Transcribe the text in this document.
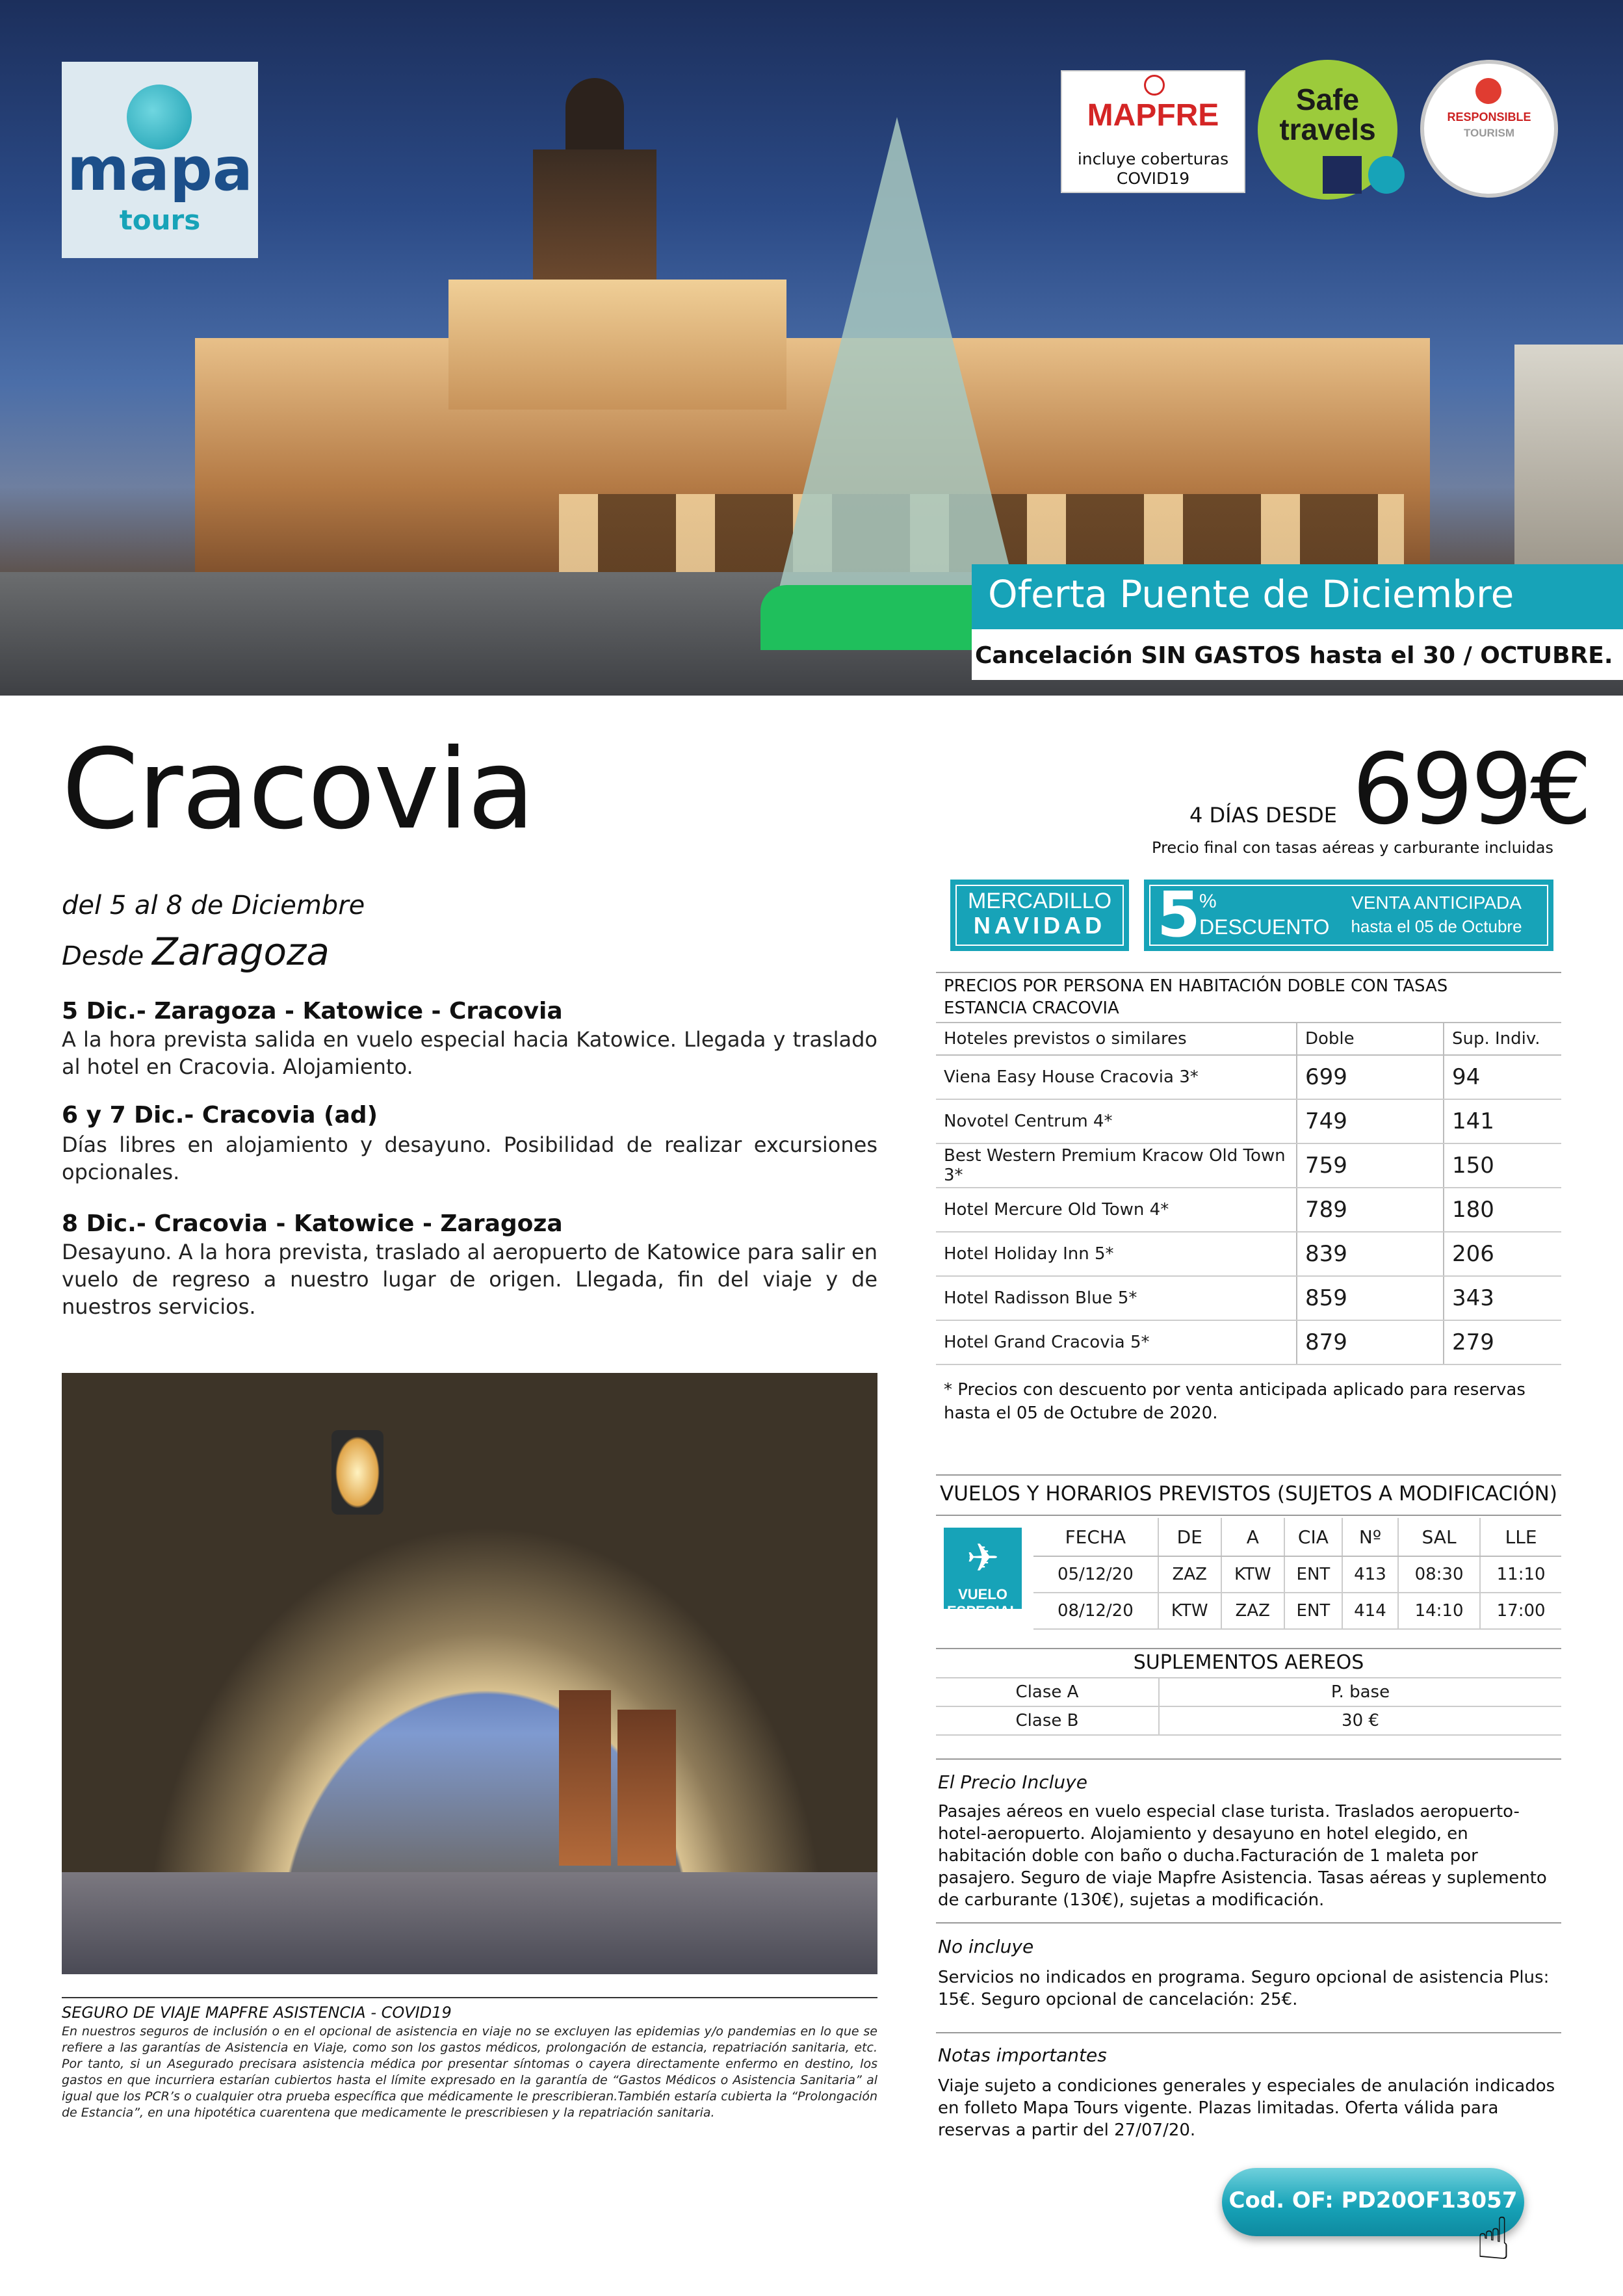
mapa
tours
MAPFRE
incluye coberturas
COVID19
Safe travels	RESPONSIBLE
TOURISM
Oferta Puente de Diciembre
Cancelación SIN GASTOS hasta el 30 / OCTUBRE.
Cracovia
del 5 al 8 de Diciembre
Desde Zaragoza
5 Dic.- Zaragoza - Katowice - Cracovia
A la hora prevista salida en vuelo especial hacia Katowice. Llegada y traslado al hotel en Cracovia. Alojamiento.
6 y 7 Dic.- Cracovia (ad)
Días libres en alojamiento y desayuno. Posibilidad de realizar excursiones opcionales.
8 Dic.- Cracovia - Katowice - Zaragoza
Desayuno. A la hora prevista, traslado al aeropuerto de Katowice para salir en vuelo de regreso a nuestro lugar de origen. Llegada, fin del viaje y de nuestros servicios.
SEGURO DE VIAJE MAPFRE ASISTENCIA - COVID19
En nuestros seguros de inclusión o en el opcional de asistencia en viaje no se excluyen las epidemias y/o pandemias en lo que se refiere a las garantías de Asistencia en Viaje, como son los gastos médicos, prolongación de estancia, repatriación sanitaria, etc. Por tanto, si un Asegurado precisara asistencia médica por presentar síntomas o cayera directamente enfermo en destino, los gastos en que incurriera estarían cubiertos hasta el límite expresado en la garantía de “Gastos Médicos o Asistencia Sanitaria” al igual que los PCR’s o cualquier otra prueba específica que médicamente le prescribieran.También estaría cubierta la “Prolongación de Estancia”, en una hipotética cuarentena que medicamente le prescribiesen y la repatriación sanitaria.
4 DÍAS DESDE 699€
Precio final con tasas aéreas y carburante incluidas
MERCADILLO
NAVIDAD 5
%
DESCUENTO
VENTA ANTICIPADA
hasta el 05 de Octubre
PRECIOS POR PERSONA EN HABITACIÓN DOBLE CON TASAS
ESTANCIA CRACOVIA
Hoteles previstos o similares	Doble	Sup. Indiv.
Viena Easy House Cracovia 3*	699	94
Novotel Centrum 4*	749	141
Best Western Premium Kracow Old Town 3*	759	150
Hotel Mercure Old Town 4*	789	180
Hotel Holiday Inn 5*	839	206
Hotel Radisson Blue 5*	859	343
Hotel Grand Cracovia 5*	879	279
* Precios con descuento por venta anticipada aplicado para reservas hasta el 05 de Octubre de 2020.
VUELOS Y HORARIOS PREVISTOS (SUJETOS A MODIFICACIÓN)
✈
VUELO
ESPECIAL
FECHA	DE	A	CIA	Nº	SAL	LLE
05/12/20	ZAZ	KTW	ENT	413	08:30	11:10
08/12/20	KTW	ZAZ	ENT	414	14:10	17:00
SUPLEMENTOS AEREOS
Clase A	P. base
Clase B	30 €
El Precio Incluye
Pasajes aéreos en vuelo especial clase turista. Traslados aeropuerto-hotel-aeropuerto. Alojamiento y desayuno en hotel elegido, en habitación doble con baño o ducha.Facturación de 1 maleta por pasajero. Seguro de viaje Mapfre Asistencia. Tasas aéreas y suplemento de carburante (130€), sujetas a modificación.
No incluye
Servicios no indicados en programa. Seguro opcional de asistencia Plus: 15€. Seguro opcional de cancelación: 25€.
Notas importantes
Viaje sujeto a condiciones generales y especiales de anulación indicados en folleto Mapa Tours vigente. Plazas limitadas. Oferta válida para reservas a partir del 27/07/20.
Cod. OF: PD20OF13057
☝
